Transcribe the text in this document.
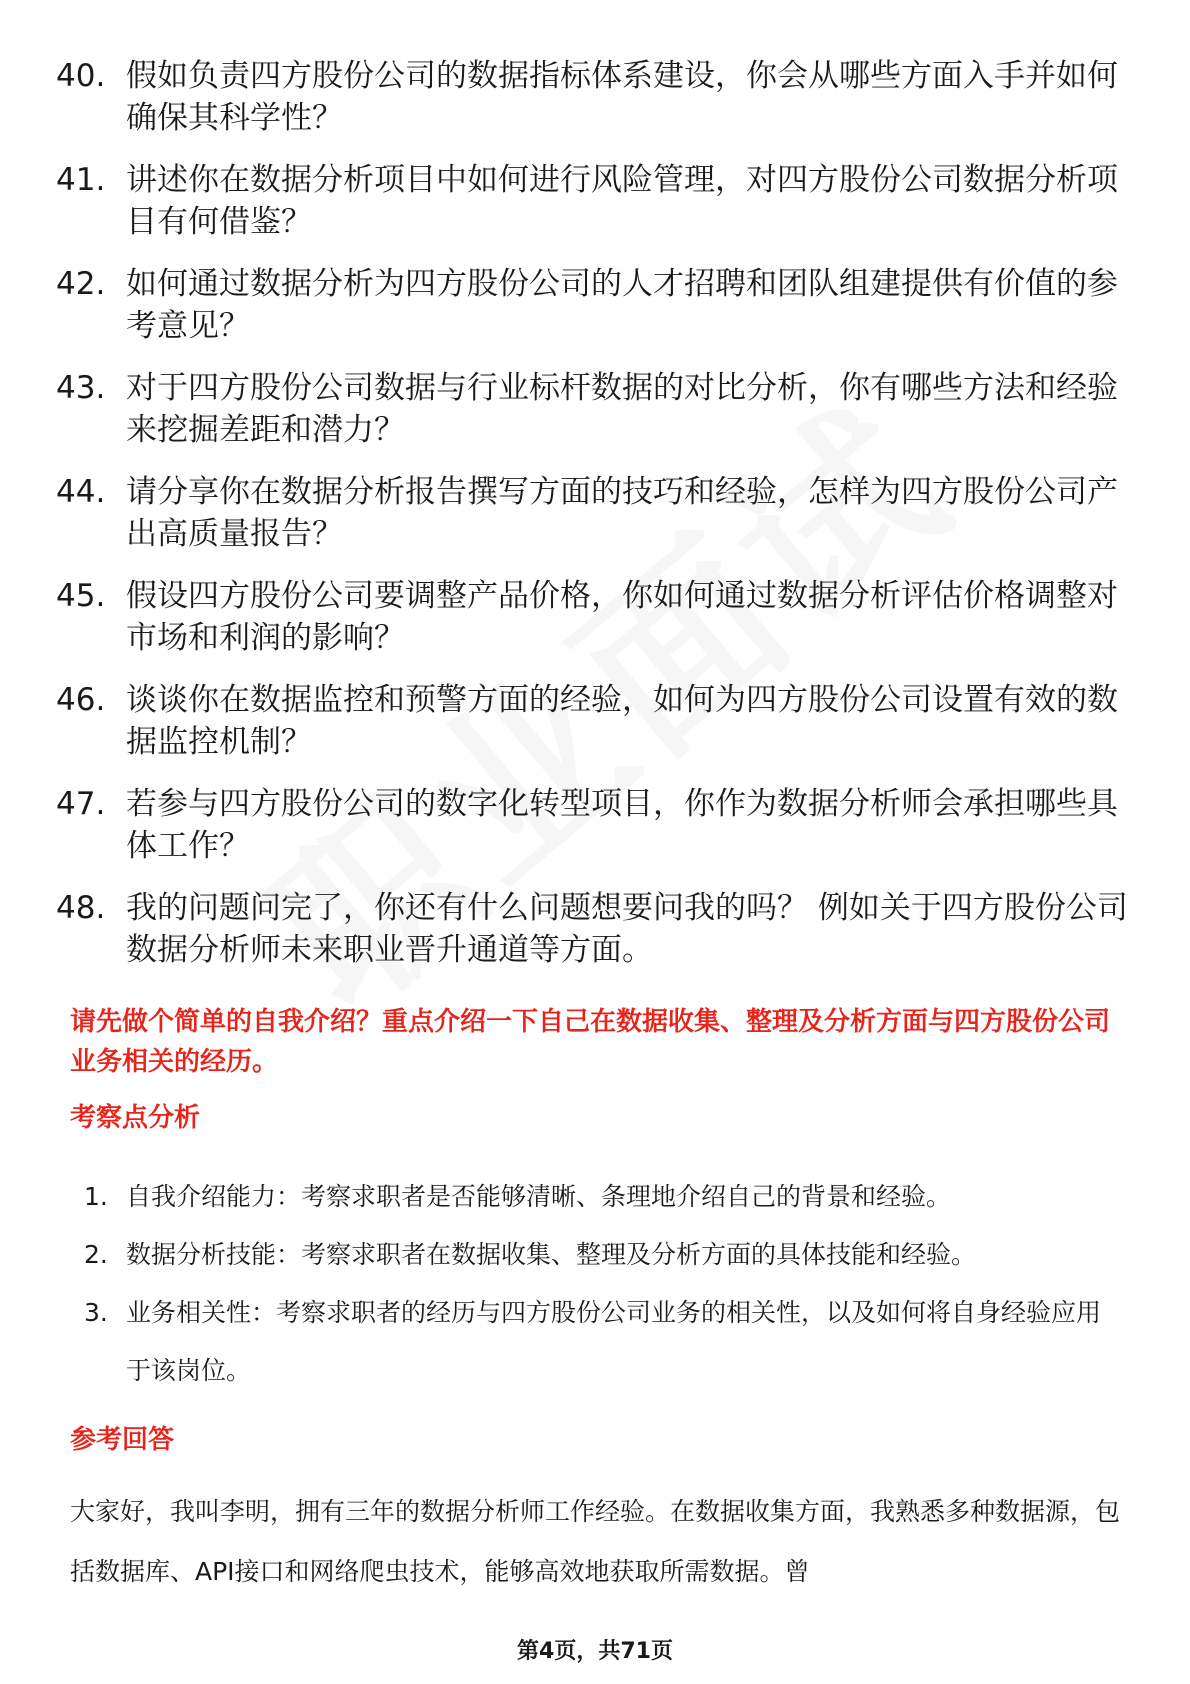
40. 假如负责四方股份公司的数据指标体系建设，你会从哪些方面入手并如何确保其科学性？
41. 讲述你在数据分析项目中如何进行风险管理，对四方股份公司数据分析项目有何借鉴？
42. 如何通过数据分析为四方股份公司的人才招聘和团队组建提供有价值的参考意见？
43. 对于四方股份公司数据与行业标杆数据的对比分析，你有哪些方法和经验来挖掘差距和潜力？
44. 请分享你在数据分析报告撰写方面的技巧和经验，怎样为四方股份公司产出高质量报告？
45. 假设四方股份公司要调整产品价格，你如何通过数据分析评估价格调整对市场和利润的影响？
46. 谈谈你在数据监控和预警方面的经验，如何为四方股份公司设置有效的数据监控机制？
47. 若参与四方股份公司的数字化转型项目，你作为数据分析师会承担哪些具体工作？
48. 我的问题问完了，你还有什么问题想要问我的吗？ 例如关于四方股份公司数据分析师未来职业晋升通道等方面。
请先做个简单的自我介绍？重点介绍一下自己在数据收集、整理及分析方面与四方股份公司业务相关的经历。
考察点分析
1. 自我介绍能力：考察求职者是否能够清晰、条理地介绍自己的背景和经验。
2. 数据分析技能：考察求职者在数据收集、整理及分析方面的具体技能和经验。
3. 业务相关性：考察求职者的经历与四方股份公司业务的相关性，以及如何将自身经验应用于该岗位。
参考回答

大家好，我叫李明，拥有三年的数据分析师工作经验。在数据收集方面，我熟悉多种数据源，包括数据库、API接口和网络爬虫技术，能够高效地获取所需数据。曾

第4页，共71页
